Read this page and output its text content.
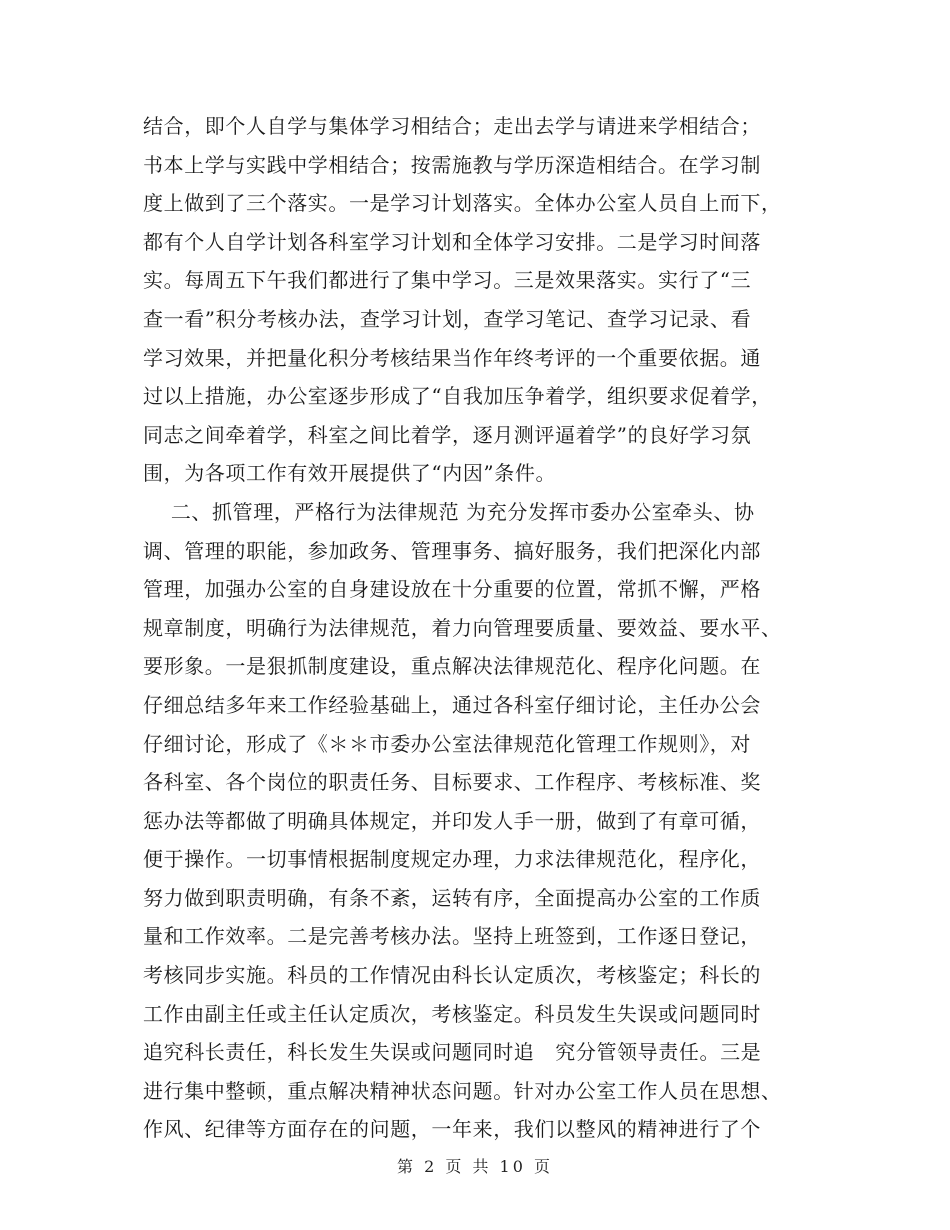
结合，即个人自学与集体学习相结合；走出去学与请进来学相结合；
书本上学与实践中学相结合；按需施教与学历深造相结合。在学习制
度上做到了三个落实。一是学习计划落实。全体办公室人员自上而下，
都有个人自学计划各科室学习计划和全体学习安排。二是学习时间落
实。每周五下午我们都进行了集中学习。三是效果落实。实行了“三
查一看”积分考核办法，查学习计划，查学习笔记、查学习记录、看
学习效果，并把量化积分考核结果当作年终考评的一个重要依据。通
过以上措施，办公室逐步形成了“自我加压争着学，组织要求促着学，
同志之间牵着学，科室之间比着学，逐月测评逼着学”的良好学习氛
围，为各项工作有效开展提供了“内因”条件。
二、抓管理，严格行为法律规范 为充分发挥市委办公室牵头、协
调、管理的职能，参加政务、管理事务、搞好服务，我们把深化内部
管理，加强办公室的自身建设放在十分重要的位置，常抓不懈，严格
规章制度，明确行为法律规范，着力向管理要质量、要效益、要水平、
要形象。一是狠抓制度建设，重点解决法律规范化、程序化问题。在
仔细总结多年来工作经验基础上，通过各科室仔细讨论，主任办公会
仔细讨论，形成了《＊＊市委办公室法律规范化管理工作规则》，对
各科室、各个岗位的职责任务、目标要求、工作程序、考核标准、奖
惩办法等都做了明确具体规定，并印发人手一册，做到了有章可循，
便于操作。一切事情根据制度规定办理，力求法律规范化，程序化，
努力做到职责明确，有条不紊，运转有序，全面提高办公室的工作质
量和工作效率。二是完善考核办法。坚持上班签到，工作逐日登记，
考核同步实施。科员的工作情况由科长认定质次，考核鉴定；科长的
工作由副主任或主任认定质次，考核鉴定。科员发生失误或问题同时
追究科长责任，科长发生失误或问题同时追   究分管领导责任。三是
进行集中整顿，重点解决精神状态问题。针对办公室工作人员在思想、
作风、纪律等方面存在的问题，一年来，我们以整风的精神进行了个
第 2 页 共 10 页
